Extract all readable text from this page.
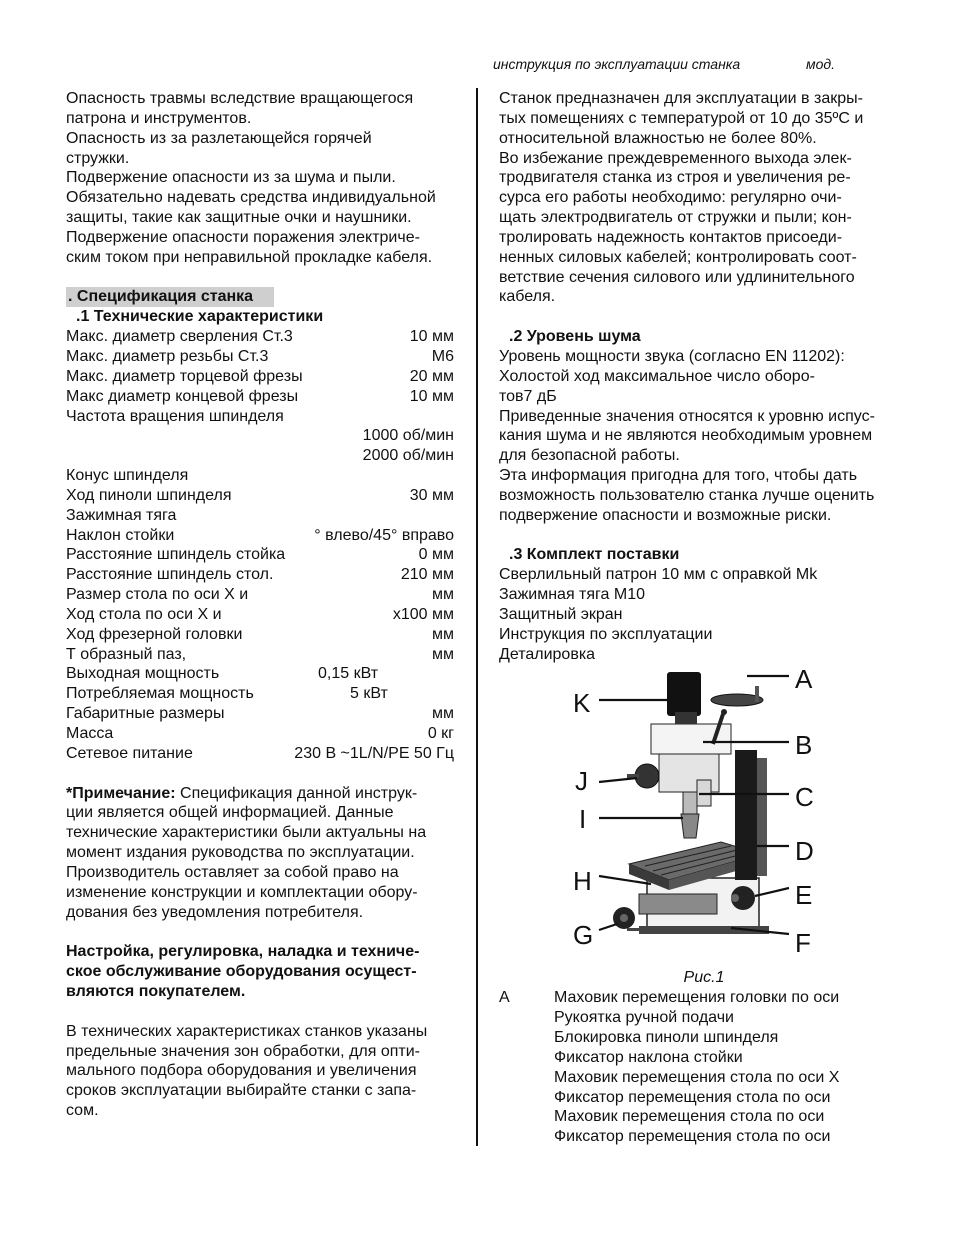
инструкция по эксплуатации станка	мод.
Опасность травмы вследствие вращающегося
патрона и инструментов.
Опасность из за разлетающейся горячей
стружки.
Подвержение опасности из за шума и пыли.
Обязательно надевать средства индивидуальной
защиты, такие как защитные очки и наушники.
Подвержение опасности поражения электриче-
ским током при неправильной прокладке кабеля.
. Спецификация станка
.1 Технические характеристики
Макс. диаметр сверления Ст.3	10 мм
Макс. диаметр резьбы Ст.3	М6
Макс. диаметр торцевой фрезы	20 мм
Макс диаметр концевой фрезы	10 мм
Частота вращения шпинделя
1000 об/мин
2000 об/мин
Конус шпинделя
Ход пиноли шпинделя	30 мм
Зажимная тяга
Наклон стойки	° влево/45° вправо
Расстояние шпиндель стойка	0 мм
Расстояние шпиндель стол.	210 мм
Размер стола по оси X и	мм
Ход стола по оси X и	x100 мм
Ход фрезерной головки	мм
Т образный паз,	мм
Выходная мощность	0,15 кВт
Потребляемая мощность	5 кВт
Габаритные размеры	мм
Масса	0 кг
Сетевое питание	230 В ~1L/N/PE 50 Гц
*Примечание: Спецификация данной инструк-
ции является общей информацией. Данные
технические характеристики были актуальны на
момент издания руководства по эксплуатации.
Производитель оставляет за собой право на
изменение конструкции и комплектации обору-
дования без уведомления потребителя.
Настройка, регулировка, наладка и техниче-
ское обслуживание оборудования осущест-
вляются покупателем.
В технических характеристиках станков указаны
предельные значения зон обработки, для опти-
мального подбора оборудования и увеличения
сроков эксплуатации выбирайте станки с запа-
сом.
Станок предназначен для эксплуатации в закры-
тых помещениях с температурой от 10 до 35ºC и
относительной влажностью не более 80%.
Во избежание преждевременного выхода элек-
тродвигателя станка из строя и увеличения ре-
сурса его работы необходимо: регулярно очи-
щать электродвигатель от стружки и пыли; кон-
тролировать надежность контактов присоеди-
ненных силовых кабелей; контролировать соот-
ветствие сечения силового или удлинительного
кабеля.
.2 Уровень шума
Уровень мощности звука (согласно EN 11202):
Холостой ход максимальное число оборо-
тов7 дБ
Приведенные значения относятся к уровню испус-
кания шума и не являются необходимым уровнем
для безопасной работы.
Эта информация пригодна для того, чтобы дать
возможность пользователю станка лучше оценить
подвержение опасности и возможные риски.
.3 Комплект поставки
Сверлильный патрон 10 мм с оправкой Mk
Зажимная тяга М10
Защитный экран
Инструкция по эксплуатации
Деталировка
A
B
C
D
E
F
G
H
I
J
K
Рис.1
A	Маховик перемещения головки по оси
Рукоятка ручной подачи
Блокировка пиноли шпинделя
Фиксатор наклона стойки
Маховик перемещения стола по оси X
Фиксатор перемещения стола по оси
Маховик перемещения стола по оси
Фиксатор перемещения стола по оси
